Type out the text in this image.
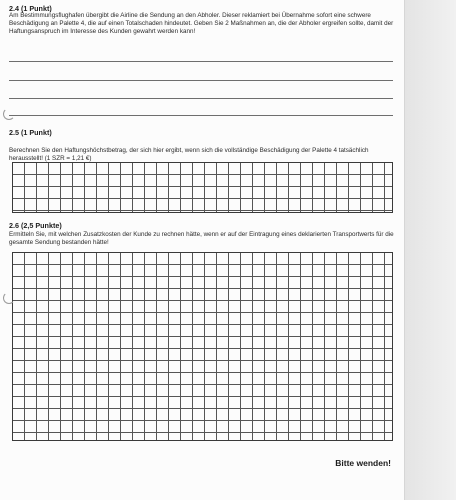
2.4 (1 Punkt)
Am Bestimmungsflughafen übergibt die Airline die Sendung an den Abholer. Dieser reklamiert bei Übernahme sofort eine schwere Beschädigung an Palette 4, die auf einen Totalschaden hindeutet. Geben Sie 2 Maßnahmen an, die der Abholer ergreifen sollte, damit der Haftungsanspruch im Interesse des Kunden gewahrt werden kann!
2.5 (1 Punkt)
Berechnen Sie den Haftungshöchstbetrag, der sich hier ergibt, wenn sich die vollständige Beschädigung der Palette 4 tatsächlich herausstellt! (1 SZR = 1,21 €)
2.6 (2,5 Punkte)
Ermitteln Sie, mit welchen Zusatzkosten der Kunde zu rechnen hätte, wenn er auf der Eintragung eines deklarierten Transportwerts für die gesamte Sendung bestanden hätte!
Bitte wenden!
